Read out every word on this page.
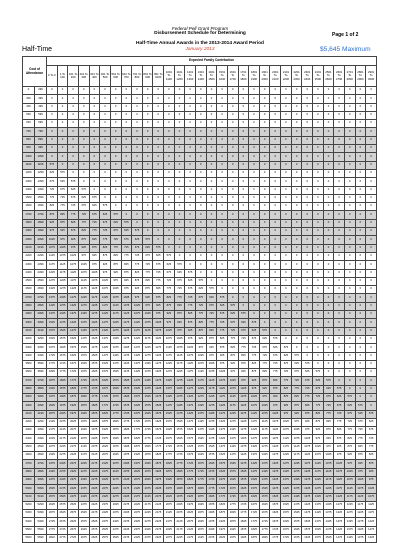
Federal Pell Grant Program
Disbursement Schedule for Determining	Page 1 of 2
Half-Time Annual Awards in the 2013-2014 Award Period
January 2013
Half-Time	$5,645 Maximum
Cost of Attendance		Expected Family Contribution																														
		0 To 0	1 To 100	101 To 200	201 To 300	301 To 400	401 To 500	501 To 600	601 To 700	701 To 800	801 To 900	901 To 1000	1001 To 1100	1101 To 1200	1201 To 1300	1301 To 1400	1401 To 1500	1501 To 1600	1601 To 1700	1701 To 1800	1801 To 1900	1901 To 2000	2001 To 2100	2101 To 2200	2201 To 2300	2301 To 2400	2401 To 2500	2501 To 2600	2601 To 2700	2701 To 2800	2801 To 2900	2901 To 3000
0	299	0	0	0	0	0	0	0	0	0	0	0	0	0	0	0	0	0	0	0	0	0	0	0	0	0	0	0	0	0	0	0
300	399	0	0	0	0	0	0	0	0	0	0	0	0	0	0	0	0	0	0	0	0	0	0	0	0	0	0	0	0	0	0	0
400	499	0	0	0	0	0	0	0	0	0	0	0	0	0	0	0	0	0	0	0	0	0	0	0	0	0	0	0	0	0	0	0
500	599	0	0	0	0	0	0	0	0	0	0	0	0	0	0	0	0	0	0	0	0	0	0	0	0	0	0	0	0	0	0	0
600	699	0	0	0	0	0	0	0	0	0	0	0	0	0	0	0	0	0	0	0	0	0	0	0	0	0	0	0	0	0	0	0
700	799	0	0	0	0	0	0	0	0	0	0	0	0	0	0	0	0	0	0	0	0	0	0	0	0	0	0	0	0	0	0	0
800	899	0	0	0	0	0	0	0	0	0	0	0	0	0	0	0	0	0	0	0	0	0	0	0	0	0	0	0	0	0	0	0
900	999	0	0	0	0	0	0	0	0	0	0	0	0	0	0	0	0	0	0	0	0	0	0	0	0	0	0	0	0	0	0	0
1000	1099	0	0	0	0	0	0	0	0	0	0	0	0	0	0	0	0	0	0	0	0	0	0	0	0	0	0	0	0	0	0	0
1100	1199	575	0	0	0	0	0	0	0	0	0	0	0	0	0	0	0	0	0	0	0	0	0	0	0	0	0	0	0	0	0	0
1200	1299	625	575	0	0	0	0	0	0	0	0	0	0	0	0	0	0	0	0	0	0	0	0	0	0	0	0	0	0	0	0	0
1300	1399	675	625	575	0	0	0	0	0	0	0	0	0	0	0	0	0	0	0	0	0	0	0	0	0	0	0	0	0	0	0	0
1400	1499	725	675	625	575	0	0	0	0	0	0	0	0	0	0	0	0	0	0	0	0	0	0	0	0	0	0	0	0	0	0	0
1500	1599	775	725	675	625	575	0	0	0	0	0	0	0	0	0	0	0	0	0	0	0	0	0	0	0	0	0	0	0	0	0	0
1600	1699	825	775	725	675	625	575	0	0	0	0	0	0	0	0	0	0	0	0	0	0	0	0	0	0	0	0	0	0	0	0	0
1700	1799	875	825	775	725	675	625	575	0	0	0	0	0	0	0	0	0	0	0	0	0	0	0	0	0	0	0	0	0	0	0	0
1800	1899	925	875	825	775	725	675	625	575	0	0	0	0	0	0	0	0	0	0	0	0	0	0	0	0	0	0	0	0	0	0	0
1900	1999	975	925	875	825	775	725	675	625	575	0	0	0	0	0	0	0	0	0	0	0	0	0	0	0	0	0	0	0	0	0	0
2000	2099	1025	975	925	875	825	775	725	675	625	575	0	0	0	0	0	0	0	0	0	0	0	0	0	0	0	0	0	0	0	0	0
2100	2199	1075	1025	975	925	875	825	775	725	675	625	575	0	0	0	0	0	0	0	0	0	0	0	0	0	0	0	0	0	0	0	0
2200	2299	1125	1075	1025	975	925	875	825	775	725	675	625	575	0	0	0	0	0	0	0	0	0	0	0	0	0	0	0	0	0	0	0
2300	2399	1175	1125	1075	1025	975	925	875	825	775	725	675	625	575	0	0	0	0	0	0	0	0	0	0	0	0	0	0	0	0	0	0
2400	2499	1225	1175	1125	1075	1025	975	925	875	825	775	725	675	625	575	0	0	0	0	0	0	0	0	0	0	0	0	0	0	0	0	0
2500	2599	1275	1225	1175	1125	1075	1025	975	925	875	825	775	725	675	625	575	0	0	0	0	0	0	0	0	0	0	0	0	0	0	0	0
2600	2699	1325	1275	1225	1175	1125	1075	1025	975	925	875	825	775	725	675	625	575	0	0	0	0	0	0	0	0	0	0	0	0	0	0	0
2700	2799	1375	1325	1275	1225	1175	1125	1075	1025	975	925	875	825	775	725	675	625	575	0	0	0	0	0	0	0	0	0	0	0	0	0	0
2800	2899	1425	1375	1325	1275	1225	1175	1125	1075	1025	975	925	875	825	775	725	675	625	575	0	0	0	0	0	0	0	0	0	0	0	0	0
2900	2999	1475	1425	1375	1325	1275	1225	1175	1125	1075	1025	975	925	875	825	775	725	675	625	575	0	0	0	0	0	0	0	0	0	0	0	0
3000	3099	1525	1475	1425	1375	1325	1275	1225	1175	1125	1075	1025	975	925	875	825	775	725	675	625	575	0	0	0	0	0	0	0	0	0	0	0
3100	3199	1575	1525	1475	1425	1375	1325	1275	1225	1175	1125	1075	1025	975	925	875	825	775	725	675	625	575	0	0	0	0	0	0	0	0	0	0
3200	3299	1625	1575	1525	1475	1425	1375	1325	1275	1225	1175	1125	1075	1025	975	925	875	825	775	725	675	625	575	0	0	0	0	0	0	0	0	0
3300	3399	1675	1625	1575	1525	1475	1425	1375	1325	1275	1225	1175	1125	1075	1025	975	925	875	825	775	725	675	625	575	0	0	0	0	0	0	0	0
3400	3499	1725	1675	1625	1575	1525	1475	1425	1375	1325	1275	1225	1175	1125	1075	1025	975	925	875	825	775	725	675	625	575	0	0	0	0	0	0	0
3500	3599	1775	1725	1675	1625	1575	1525	1475	1425	1375	1325	1275	1225	1175	1125	1075	1025	975	925	875	825	775	725	675	625	575	0	0	0	0	0	0
3600	3699	1825	1775	1725	1675	1625	1575	1525	1475	1425	1375	1325	1275	1225	1175	1125	1075	1025	975	925	875	825	775	725	675	625	575	0	0	0	0	0
3700	3799	1875	1825	1775	1725	1675	1625	1575	1525	1475	1425	1375	1325	1275	1225	1175	1125	1075	1025	975	925	875	825	775	725	675	625	575	0	0	0	0
3800	3899	1925	1875	1825	1775	1725	1675	1625	1575	1525	1475	1425	1375	1325	1275	1225	1175	1125	1075	1025	975	925	875	825	775	725	675	625	575	0	0	0
3900	3999	1975	1925	1875	1825	1775	1725	1675	1625	1575	1525	1475	1425	1375	1325	1275	1225	1175	1125	1075	1025	975	925	875	825	775	725	675	625	575	0	0
4000	4099	2025	1975	1925	1875	1825	1775	1725	1675	1625	1575	1525	1475	1425	1375	1325	1275	1225	1175	1125	1075	1025	975	925	875	825	775	725	675	625	575	0
4100	4199	2075	2025	1975	1925	1875	1825	1775	1725	1675	1625	1575	1525	1475	1425	1375	1325	1275	1225	1175	1125	1075	1025	975	925	875	825	775	725	675	625	575
4200	4299	2125	2075	2025	1975	1925	1875	1825	1775	1725	1675	1625	1575	1525	1475	1425	1375	1325	1275	1225	1175	1125	1075	1025	975	925	875	825	775	725	675	625
4300	4399	2175	2125	2075	2025	1975	1925	1875	1825	1775	1725	1675	1625	1575	1525	1475	1425	1375	1325	1275	1225	1175	1125	1075	1025	975	925	875	825	775	725	675
4400	4499	2225	2175	2125	2075	2025	1975	1925	1875	1825	1775	1725	1675	1625	1575	1525	1475	1425	1375	1325	1275	1225	1175	1125	1075	1025	975	925	875	825	775	725
4500	4599	2275	2225	2175	2125	2075	2025	1975	1925	1875	1825	1775	1725	1675	1625	1575	1525	1475	1425	1375	1325	1275	1225	1175	1125	1075	1025	975	925	875	825	775
4600	4699	2325	2275	2225	2175	2125	2075	2025	1975	1925	1875	1825	1775	1725	1675	1625	1575	1525	1475	1425	1375	1325	1275	1225	1175	1125	1075	1025	975	925	875	825
4700	4799	2375	2325	2275	2225	2175	2125	2075	2025	1975	1925	1875	1825	1775	1725	1675	1625	1575	1525	1475	1425	1375	1325	1275	1225	1175	1125	1075	1025	975	925	875
4800	4899	2425	2375	2325	2275	2225	2175	2125	2075	2025	1975	1925	1875	1825	1775	1725	1675	1625	1575	1525	1475	1425	1375	1325	1275	1225	1175	1125	1075	1025	975	925
4900	4999	2475	2425	2375	2325	2275	2225	2175	2125	2075	2025	1975	1925	1875	1825	1775	1725	1675	1625	1575	1525	1475	1425	1375	1325	1275	1225	1175	1125	1075	1025	975
5000	5099	2525	2475	2425	2375	2325	2275	2225	2175	2125	2075	2025	1975	1925	1875	1825	1775	1725	1675	1625	1575	1525	1475	1425	1375	1325	1275	1225	1175	1125	1075	1025
5100	5199	2575	2525	2475	2425	2375	2325	2275	2225	2175	2125	2075	2025	1975	1925	1875	1825	1775	1725	1675	1625	1575	1525	1475	1425	1375	1325	1275	1225	1175	1125	1075
5200	5299	2625	2575	2525	2475	2425	2375	2325	2275	2225	2175	2125	2075	2025	1975	1925	1875	1825	1775	1725	1675	1625	1575	1525	1475	1425	1375	1325	1275	1225	1175	1125
5300	5399	2675	2625	2575	2525	2475	2425	2375	2325	2275	2225	2175	2125	2075	2025	1975	1925	1875	1825	1775	1725	1675	1625	1575	1525	1475	1425	1375	1325	1275	1225	1175
5400	5499	2725	2675	2625	2575	2525	2475	2425	2375	2325	2275	2225	2175	2125	2075	2025	1975	1925	1875	1825	1775	1725	1675	1625	1575	1525	1475	1425	1375	1325	1275	1225
5500	5599	2775	2725	2675	2625	2575	2525	2475	2425	2375	2325	2275	2225	2175	2125	2075	2025	1975	1925	1875	1825	1775	1725	1675	1625	1575	1525	1475	1425	1375	1325	1275
5600	5699	2822	2775	2725	2675	2625	2575	2525	2475	2425	2375	2325	2275	2225	2175	2125	2075	2025	1975	1925	1875	1825	1775	1725	1675	1625	1575	1525	1475	1425	1375	1325
